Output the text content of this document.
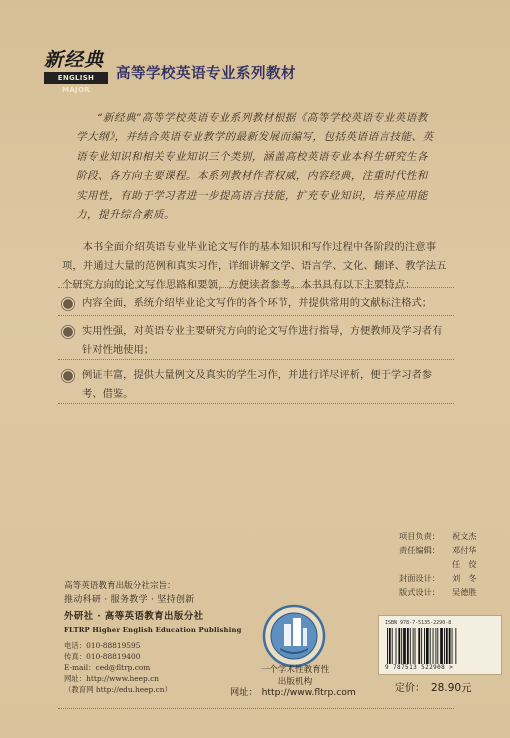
新经典
ENGLISH MAJOR
高等学校英语专业系列教材
“新经典”高等学校英语专业系列教材根据《高等学校英语专业英语教学大纲》，并结合英语专业教学的最新发展而编写，包括英语语言技能、英语专业知识和相关专业知识三个类别，涵盖高校英语专业本科生研究生各阶段、各方向主要课程。本系列教材作者权威，内容经典，注重时代性和实用性，有助于学习者进一步提高语言技能，扩充专业知识，培养应用能力，提升综合素质。
本书全面介绍英语专业毕业论文写作的基本知识和写作过程中各阶段的注意事项，并通过大量的范例和真实习作，详细讲解文学、语言学、文化、翻译、教学法五个研究方向的论文写作思路和要领，方便读者参考。本书具有以下主要特点：
内容全面，系统介绍毕业论文写作的各个环节，并提供常用的文献标注格式；
实用性强，对英语专业主要研究方向的论文写作进行指导，方便教师及学习者有针对性地使用；
例证丰富，提供大量例文及真实的学生习作，并进行详尽评析，便于学习者参考、借鉴。
项目负责： 祝文杰
责任编辑： 邓付华
任　佼
封面设计： 刘　冬
版式设计： 吴德胜
ISBN 978-7-5135-2290-8
9 787513 522908 >
定价： 28.90元
高等英语教育出版分社宗旨：
推动科研 · 服务教学 · 坚持创新
外研社 · 高等英语教育出版分社
FLTRP Higher English Education Publishing
电话：010-88819595
传真：010-88819400
E-mail：ced@fltrp.com
网址：http://www.heep.cn
（教育网 http://edu.heep.cn）
一个学术性教育性
出版机构
网址： http://www.fltrp.com
